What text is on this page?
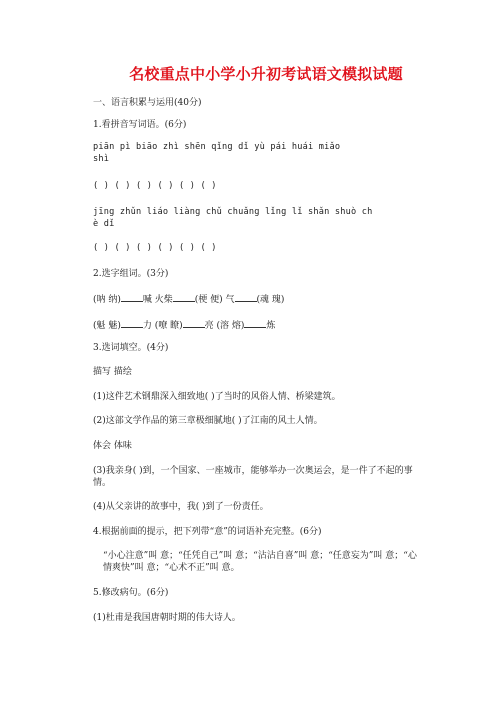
名校重点中小学小升初考试语文模拟试题
一、语言积累与运用(40分)
1.看拼音写词语。(6分)
piān pì biāo zhì shēn qǐng dǐ yù pái huái miǎo
shì
( ) ( ) ( ) ( ) ( ) ( )
jīng zhǔn liáo liàng chǔ chuǎng lǐng lǐ shǎn shuò ch
è dǐ
( ) ( ) ( ) ( ) ( ) ( )
2.选字组词。(3分)
(呐 纳) 喊 火柴 (梗 便) 气 (魂 瑰)
(魁 魅) 力 (嘹 瞭) 亮 (溶 熔) 炼
3.选词填空。(4分)
描写 描绘
(1)这件艺术钢鼎深入细致地( )了当时的风俗人情、桥梁建筑。
(2)这部文学作品的第三章极细腻地( )了江南的风土人情。
体会 体味
(3)我亲身( )到，一个国家、一座城市，能够举办一次奥运会，是一件了不起的事情。
(4)从父亲讲的故事中，我( )到了一份责任。
4.根据前面的提示，把下列带“意”的词语补充完整。(6分)
“小心注意”叫 意；“任凭自己”叫 意；“沾沾自喜”叫 意；“任意妄为”叫 意；“心情爽快”叫 意；“心术不正”叫 意。
5.修改病句。(6分)
(1)杜甫是我国唐朝时期的伟大诗人。
